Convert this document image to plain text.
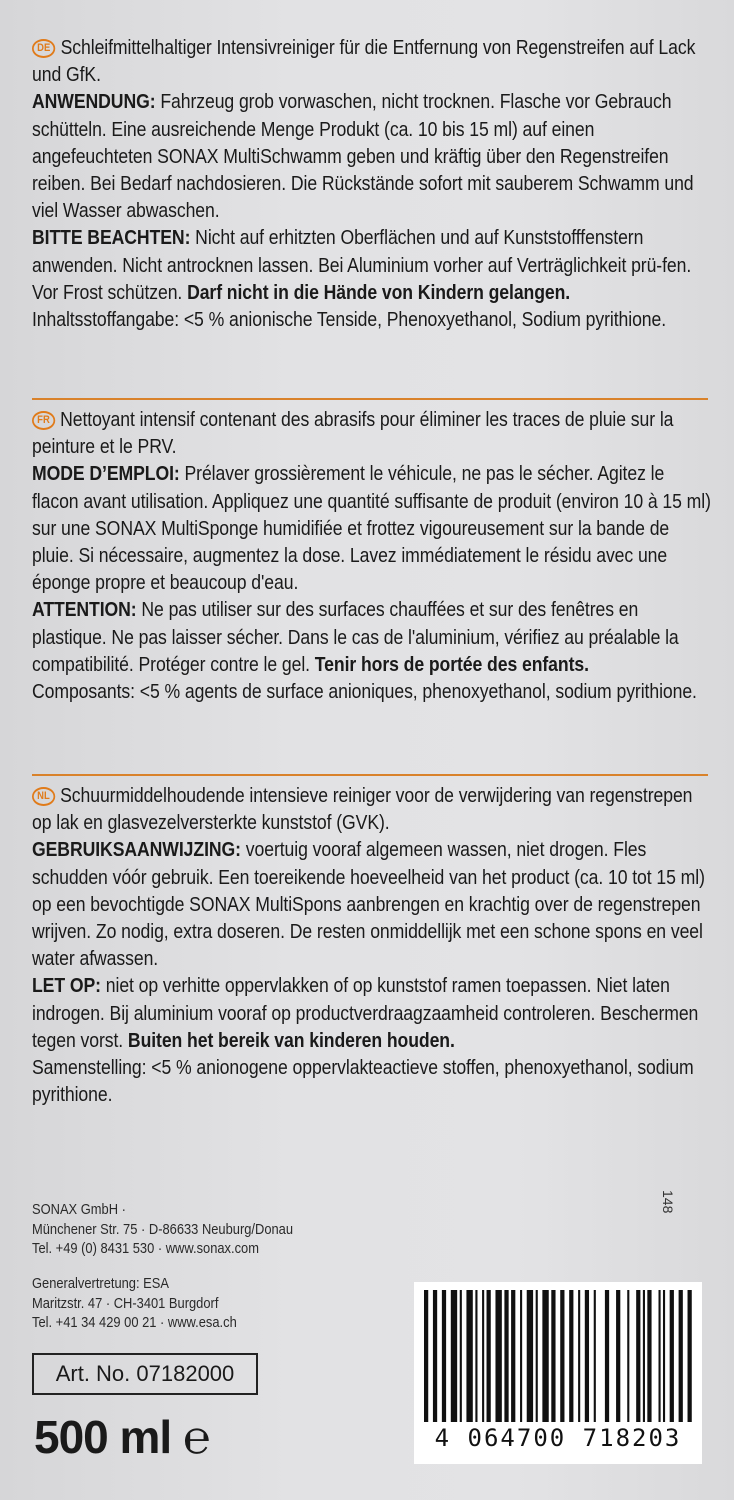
DE Schleifmittelhaltiger Intensivreiniger für die Entfernung von Regenstreifen auf Lack und GfK.

ANWENDUNG: Fahrzeug grob vorwaschen, nicht trocknen. Flasche vor Gebrauch schütteln. Eine ausreichende Menge Produkt (ca. 10 bis 15 ml) auf einen angefeuchteten SONAX MultiSchwamm geben und kräftig über den Regenstreifen reiben. Bei Bedarf nachdosieren. Die Rückstände sofort mit sauberem Schwamm und viel Wasser abwaschen.

BITTE BEACHTEN: Nicht auf erhitzten Oberflächen und auf Kunststofffenstern anwenden. Nicht antrocknen lassen. Bei Aluminium vorher auf Verträglichkeit prü-fen. Vor Frost schützen. Darf nicht in die Hände von Kindern gelangen.

Inhaltsstoffangabe: <5 % anionische Tenside, Phenoxyethanol, Sodium pyrithione.

FR Nettoyant intensif contenant des abrasifs pour éliminer les traces de pluie sur la peinture et le PRV.

MODE D’EMPLOI: Prélaver grossièrement le véhicule, ne pas le sécher. Agitez le flacon avant utilisation. Appliquez une quantité suffisante de produit (environ 10 à 15 ml) sur une SONAX MultiSponge humidifiée et frottez vigoureusement sur la bande de pluie. Si nécessaire, augmentez la dose. Lavez immédiatement le résidu avec une éponge propre et beaucoup d'eau.

ATTENTION: Ne pas utiliser sur des surfaces chauffées et sur des fenêtres en plastique. Ne pas laisser sécher. Dans le cas de l'aluminium, vérifiez au préalable la compatibilité. Protéger contre le gel. Tenir hors de portée des enfants.

Composants: <5 % agents de surface anioniques, phenoxyethanol, sodium pyrithione.

NL Schuurmiddelhoudende intensieve reiniger voor de verwijdering van regenstrepen op lak en glasvezelversterkte kunststof (GVK).

GEBRUIKSAANWIJZING: voertuig vooraf algemeen wassen, niet drogen. Fles schudden vóór gebruik. Een toereikende hoeveelheid van het product (ca. 10 tot 15 ml) op een bevochtigde SONAX MultiSpons aanbrengen en krachtig over de regenstrepen wrijven. Zo nodig, extra doseren. De resten onmiddellijk met een schone spons en veel water afwassen.

LET OP: niet op verhitte oppervlakken of op kunststof ramen toepassen. Niet laten indrogen. Bij aluminium vooraf op productverdraagzaamheid controleren. Beschermen tegen vorst. Buiten het bereik van kinderen houden.

Samenstelling: <5 % anionogene oppervlakteactieve stoffen, phenoxyethanol, sodium pyrithione.

SONAX GmbH ·
Münchener Str. 75 · D-86633 Neuburg/Donau
Tel. +49 (0) 8431 530 · www.sonax.com
Generalvertretung: ESA
Maritzstr. 47 · CH-3401 Burgdorf
Tel. +41 34 429 00 21 · www.esa.ch
148
Art. No. 07182000
500 ml ℮	4 064700 718203
